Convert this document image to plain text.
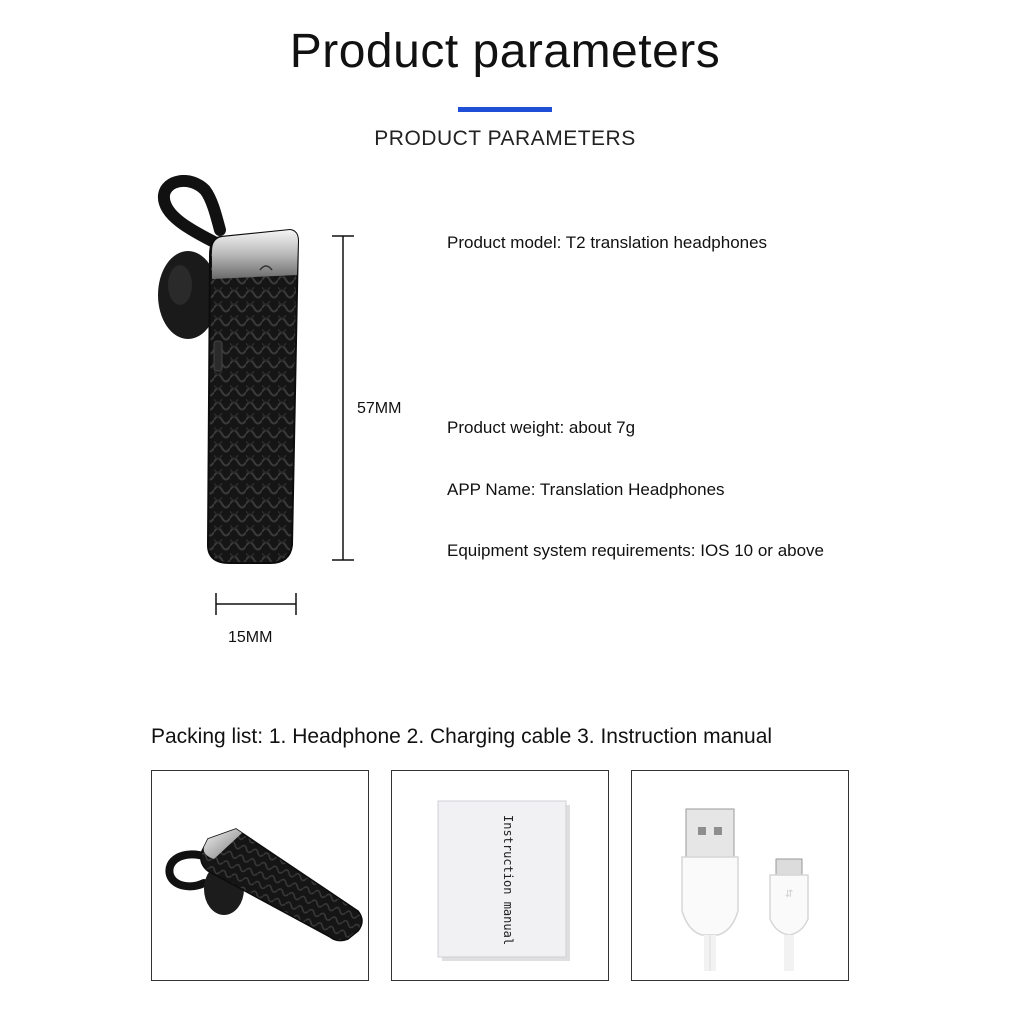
Product parameters
PRODUCT PARAMETERS
57MM
15MM
Product model: T2 translation headphones
Product weight: about 7g
APP Name: Translation Headphones
Equipment system requirements: IOS 10 or above
Packing list: 1. Headphone 2. Charging cable 3. Instruction manual
Instruction manual	⇆
